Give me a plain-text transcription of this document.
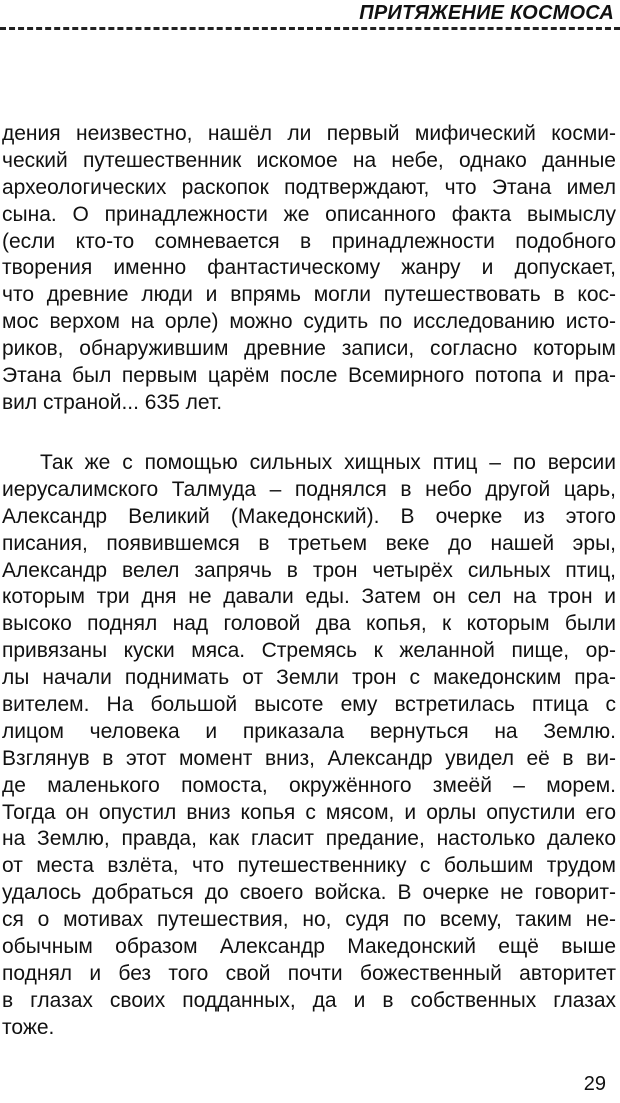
ПРИТЯЖЕНИЕ КОСМОСА
дения неизвестно, нашёл ли первый мифический косми-
ческий путешественник искомое на небе, однако данные
археологических раскопок подтверждают, что Этана имел
сына. О принадлежности же описанного факта вымыслу
(если кто-то сомневается в принадлежности подобного
творения именно фантастическому жанру и допускает,
что древние люди и впрямь могли путешествовать в кос-
мос верхом на орле) можно судить по исследованию исто-
риков, обнаружившим древние записи, согласно которым
Этана был первым царём после Всемирного потопа и пра-
вил страной... 635 лет.
Так же с помощью сильных хищных птиц – по версии
иерусалимского Талмуда – поднялся в небо другой царь,
Александр Великий (Македонский). В очерке из этого
писания, появившемся в третьем веке до нашей эры,
Александр велел запрячь в трон четырёх сильных птиц,
которым три дня не давали еды. Затем он сел на трон и
высоко поднял над головой два копья, к которым были
привязаны куски мяса. Стремясь к желанной пище, ор-
лы начали поднимать от Земли трон с македонским пра-
вителем. На большой высоте ему встретилась птица с
лицом человека и приказала вернуться на Землю.
Взглянув в этот момент вниз, Александр увидел её в ви-
де маленького помоста, окружённого змеёй – морем.
Тогда он опустил вниз копья с мясом, и орлы опустили его
на Землю, правда, как гласит предание, настолько далеко
от места взлёта, что путешественнику с большим трудом
удалось добраться до своего войска. В очерке не говорит-
ся о мотивах путешествия, но, судя по всему, таким не-
обычным образом Александр Македонский ещё выше
поднял и без того свой почти божественный авторитет
в глазах своих подданных, да и в собственных глазах
тоже.
29
